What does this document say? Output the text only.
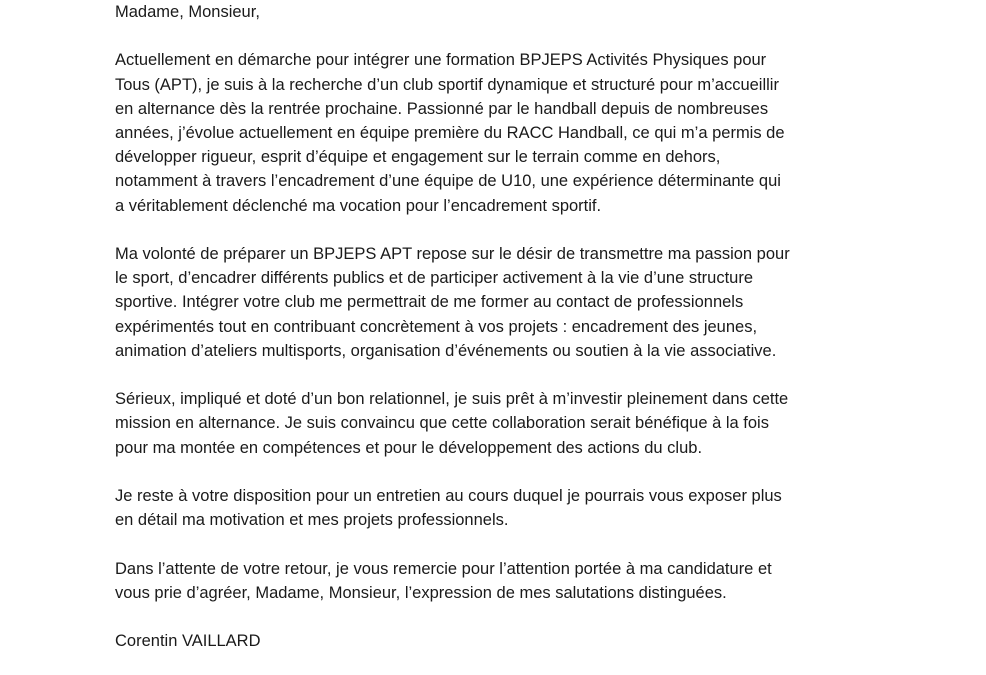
Madame, Monsieur,

Actuellement en démarche pour intégrer une formation BPJEPS Activités Physiques pour
Tous (APT), je suis à la recherche d’un club sportif dynamique et structuré pour m’accueillir
en alternance dès la rentrée prochaine. Passionné par le handball depuis de nombreuses
années, j’évolue actuellement en équipe première du RACC Handball, ce qui m’a permis de
développer rigueur, esprit d’équipe et engagement sur le terrain comme en dehors,
notamment à travers l’encadrement d’une équipe de U10, une expérience déterminante qui
a véritablement déclenché ma vocation pour l’encadrement sportif.

Ma volonté de préparer un BPJEPS APT repose sur le désir de transmettre ma passion pour
le sport, d’encadrer différents publics et de participer activement à la vie d’une structure
sportive. Intégrer votre club me permettrait de me former au contact de professionnels
expérimentés tout en contribuant concrètement à vos projets : encadrement des jeunes,
animation d’ateliers multisports, organisation d’événements ou soutien à la vie associative.

Sérieux, impliqué et doté d’un bon relationnel, je suis prêt à m’investir pleinement dans cette
mission en alternance. Je suis convaincu que cette collaboration serait bénéfique à la fois
pour ma montée en compétences et pour le développement des actions du club.

Je reste à votre disposition pour un entretien au cours duquel je pourrais vous exposer plus
en détail ma motivation et mes projets professionnels.

Dans l’attente de votre retour, je vous remercie pour l’attention portée à ma candidature et
vous prie d’agréer, Madame, Monsieur, l’expression de mes salutations distinguées.

Corentin VAILLARD
